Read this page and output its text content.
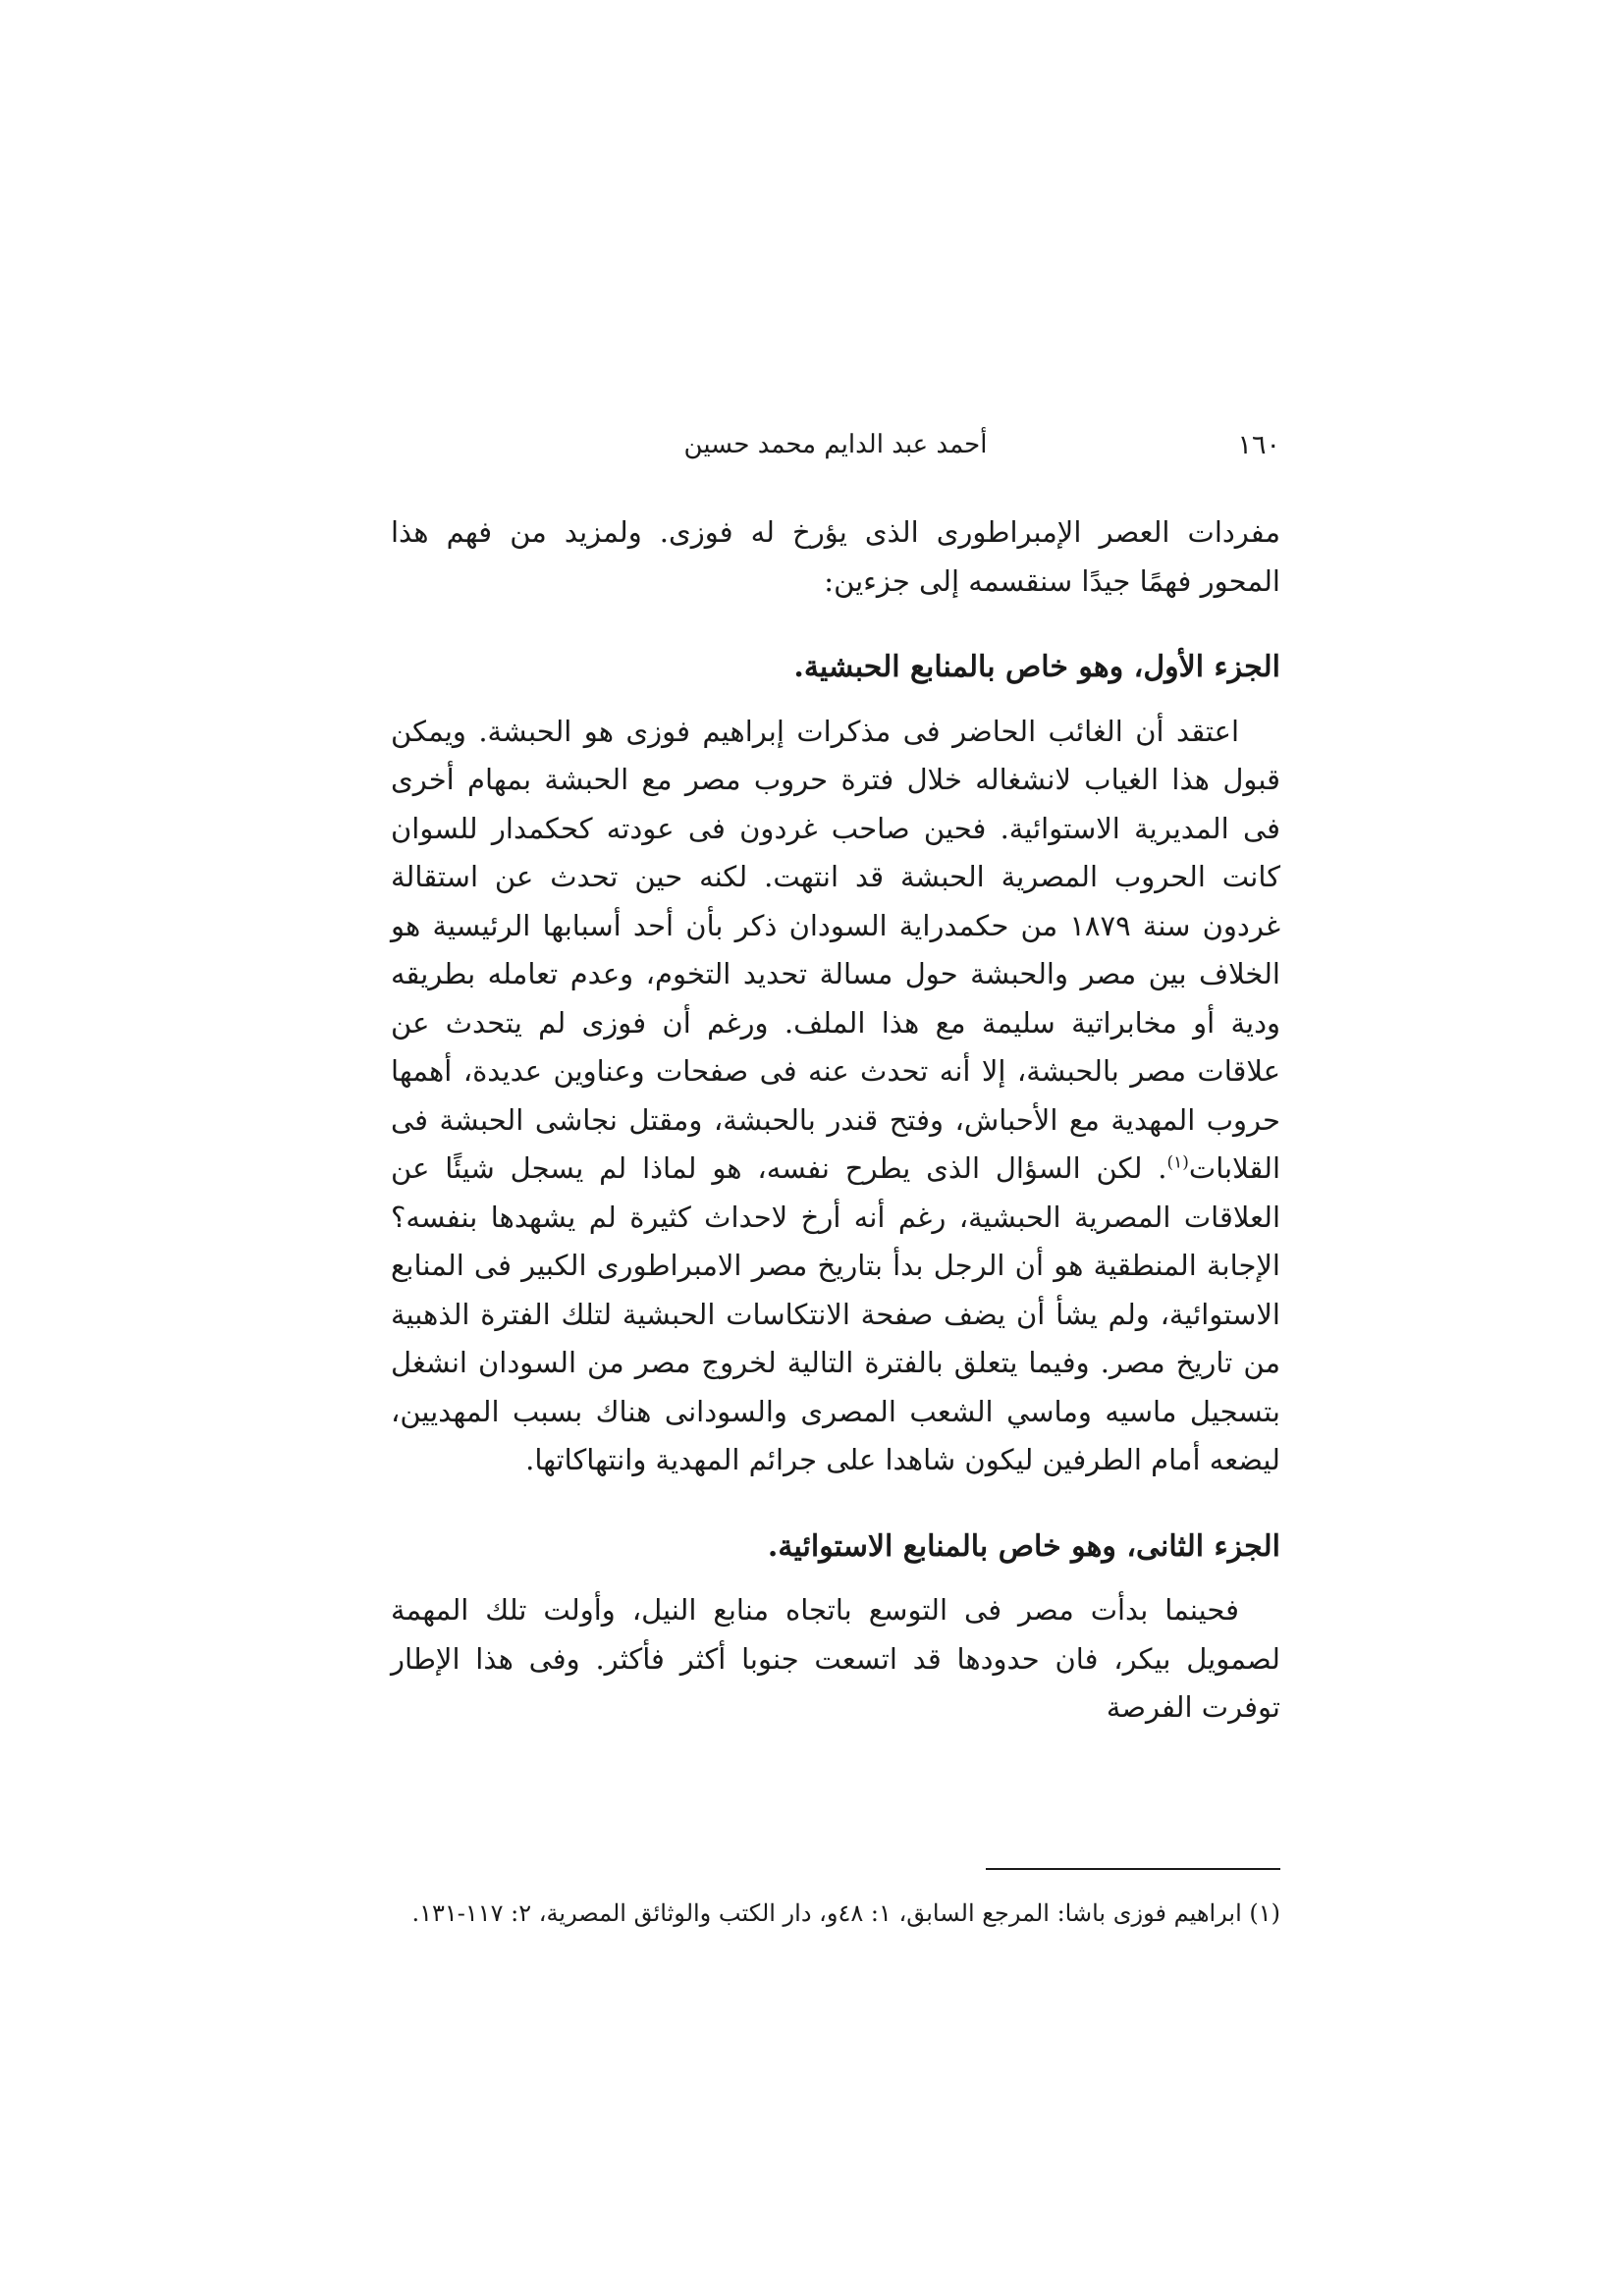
١٦٠
أحمد عبد الدايم محمد حسين

مفردات العصر الإمبراطورى الذى يؤرخ له فوزى. ولمزيد من فهم هذا المحور فهمًا جيدًا سنقسمه إلى جزءين:

الجزء الأول، وهو خاص بالمنابع الحبشية.

اعتقد أن الغائب الحاضر فى مذكرات إبراهيم فوزى هو الحبشة. ويمكن قبول هذا الغياب لانشغاله خلال فترة حروب مصر مع الحبشة بمهام أخرى فى المديرية الاستوائية. فحين صاحب غردون فى عودته كحكمدار للسوان كانت الحروب المصرية الحبشة قد انتهت. لكنه حين تحدث عن استقالة غردون سنة ١٨٧٩ من حكمدراية السودان ذكر بأن أحد أسبابها الرئيسية هو الخلاف بين مصر والحبشة حول مسالة تحديد التخوم، وعدم تعامله بطريقه ودية أو مخابراتية سليمة مع هذا الملف. ورغم أن فوزى لم يتحدث عن علاقات مصر بالحبشة، إلا أنه تحدث عنه فى صفحات وعناوين عديدة، أهمها حروب المهدية مع الأحباش، وفتح قندر بالحبشة، ومقتل نجاشى الحبشة فى القلابات$^{(١)}$. لكن السؤال الذى يطرح نفسه، هو لماذا لم يسجل شيئًا عن العلاقات المصرية الحبشية، رغم أنه أرخ لاحداث كثيرة لم يشهدها بنفسه؟ الإجابة المنطقية هو أن الرجل بدأ بتاريخ مصر الامبراطورى الكبير فى المنابع الاستوائية، ولم يشأ أن يضف صفحة الانتكاسات الحبشية لتلك الفترة الذهبية من تاريخ مصر. وفيما يتعلق بالفترة التالية لخروج مصر من السودان انشغل بتسجيل ماسيه وماسي الشعب المصرى والسودانى هناك بسبب المهديين، ليضعه أمام الطرفين ليكون شاهدا على جرائم المهدية وانتهاكاتها.

الجزء الثانى، وهو خاص بالمنابع الاستوائية.

فحينما بدأت مصر فى التوسع باتجاه منابع النيل، وأولت تلك المهمة لصمويل بيكر، فان حدودها قد اتسعت جنوبا أكثر فأكثر. وفى هذا الإطار توفرت الفرصة

(١) ابراهيم فوزى باشا: المرجع السابق، ١: ٤٨و، دار الكتب والوثائق المصرية، ٢: ١١٧-١٣١.
